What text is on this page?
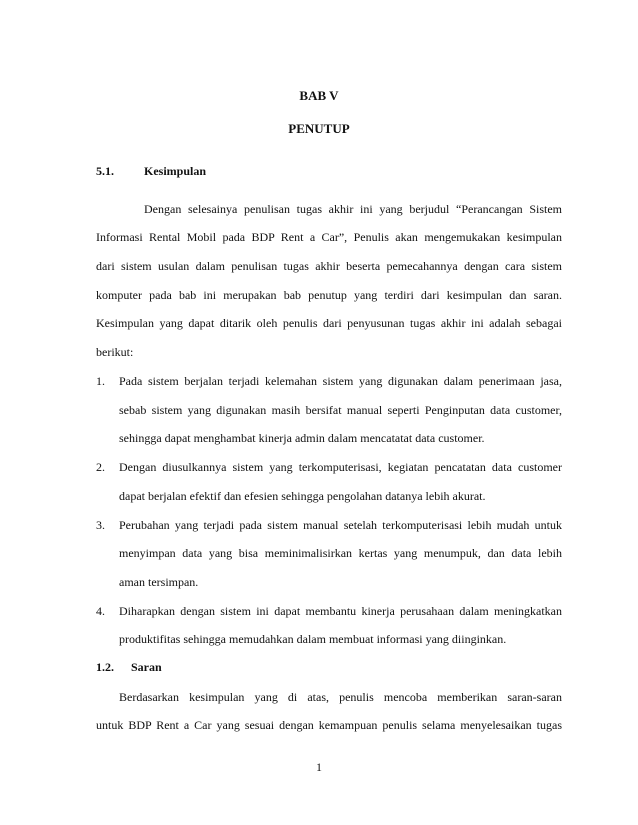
BAB V
PENUTUP
5.1.	Kesimpulan
Dengan selesainya penulisan tugas akhir ini yang berjudul “Perancangan Sistem
Informasi Rental Mobil pada BDP Rent a Car”, Penulis akan mengemukakan kesimpulan
dari sistem usulan dalam penulisan tugas akhir beserta pemecahannya dengan cara sistem
komputer pada bab ini merupakan bab penutup yang terdiri dari kesimpulan dan saran.
Kesimpulan yang dapat ditarik oleh penulis dari penyusunan tugas akhir ini adalah sebagai
berikut:
1. Pada sistem berjalan terjadi kelemahan sistem yang digunakan dalam penerimaan jasa,
sebab sistem yang digunakan masih bersifat manual seperti Penginputan data customer,
sehingga dapat menghambat kinerja admin dalam mencatatat data customer.
2. Dengan diusulkannya sistem yang terkomputerisasi, kegiatan pencatatan data customer
dapat berjalan efektif dan efesien sehingga pengolahan datanya lebih akurat.
3. Perubahan yang terjadi pada sistem manual setelah terkomputerisasi lebih mudah untuk
menyimpan data yang bisa meminimalisirkan kertas yang menumpuk, dan data lebih
aman tersimpan.
4. Diharapkan dengan sistem ini dapat membantu kinerja perusahaan dalam meningkatkan
produktifitas sehingga memudahkan dalam membuat informasi yang diinginkan.
1.2. Saran
Berdasarkan kesimpulan yang di atas, penulis mencoba memberikan saran-saran
untuk BDP Rent a Car yang sesuai dengan kemampuan penulis selama menyelesaikan tugas
1
